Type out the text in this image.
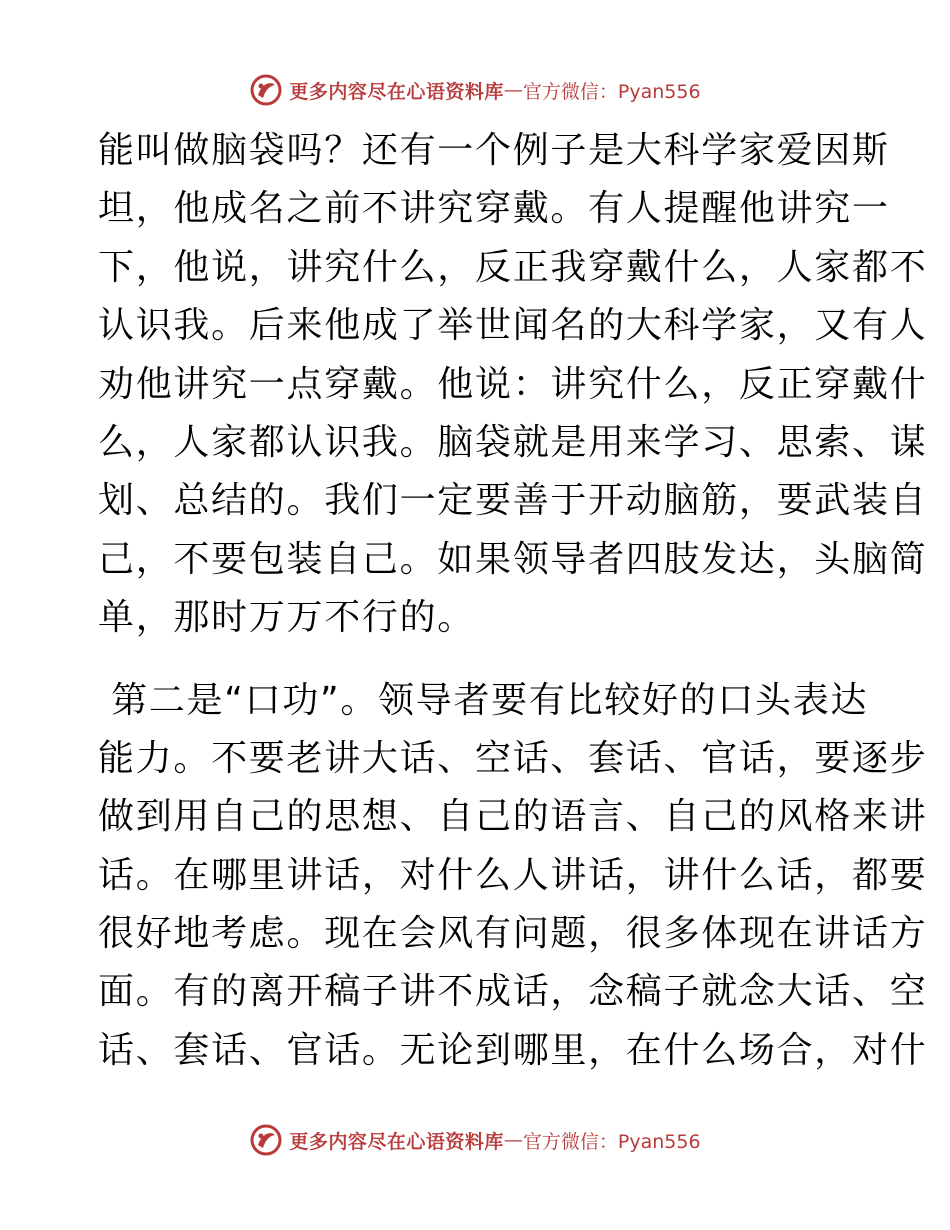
更多内容尽在心语资料库 — 官方微信：Pyan556
能叫做脑袋吗？还有一个例子是大科学家爱因斯
坦，他成名之前不讲究穿戴。有人提醒他讲究一
下，他说，讲究什么，反正我穿戴什么，人家都不
认识我。后来他成了举世闻名的大科学家，又有人
劝他讲究一点穿戴。他说：讲究什么，反正穿戴什
么，人家都认识我。脑袋就是用来学习、思索、谋
划、总结的。我们一定要善于开动脑筋，要武装自
己，不要包装自己。如果领导者四肢发达，头脑简
单，那时万万不行的。
第二是“口功”。领导者要有比较好的口头表达
能力。不要老讲大话、空话、套话、官话，要逐步
做到用自己的思想、自己的语言、自己的风格来讲
话。在哪里讲话，对什么人讲话，讲什么话，都要
很好地考虑。现在会风有问题，很多体现在讲话方
面。有的离开稿子讲不成话，念稿子就念大话、空
话、套话、官话。无论到哪里，在什么场合，对什
更多内容尽在心语资料库 — 官方微信：Pyan556
